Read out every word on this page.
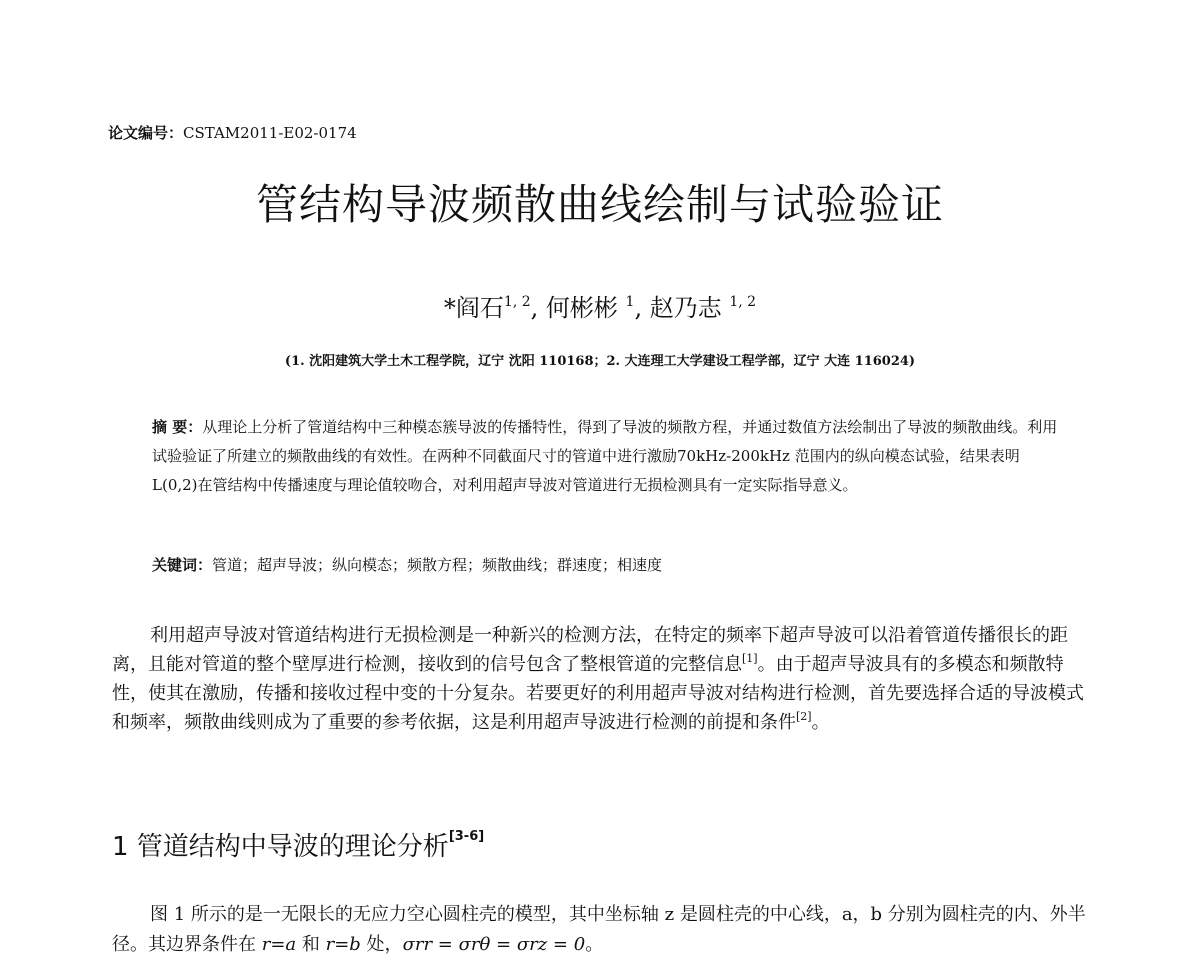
论文编号：CSTAM2011-E02-0174
管结构导波频散曲线绘制与试验验证
*阎石$^{1, 2}$, 何彬彬 $^1$, 赵乃志 $^{1, 2}$
(1. 沈阳建筑大学土木工程学院，辽宁 沈阳 110168；2. 大连理工大学建设工程学部，辽宁 大连 116024)
摘 要：从理论上分析了管道结构中三种模态簇导波的传播特性，得到了导波的频散方程，并通过数值方法绘制出了导波的频散曲线。利用试验验证了所建立的频散曲线的有效性。在两种不同截面尺寸的管道中进行激励70kHz-200kHz 范围内的纵向模态试验，结果表明 L(0,2)在管结构中传播速度与理论值较吻合，对利用超声导波对管道进行无损检测具有一定实际指导意义。
关键词：管道；超声导波；纵向模态；频散方程；频散曲线；群速度；相速度
利用超声导波对管道结构进行无损检测是一种新兴的检测方法，在特定的频率下超声导波可以沿着管道传播很长的距离，且能对管道的整个壁厚进行检测，接收到的信号包含了整根管道的完整信息[1]。由于超声导波具有的多模态和频散特性，使其在激励，传播和接收过程中变的十分复杂。若要更好的利用超声导波对结构进行检测，首先要选择合适的导波模式和频率，频散曲线则成为了重要的参考依据，这是利用超声导波进行检测的前提和条件[2]。
1 管道结构中导波的理论分析[3-6]
图 1 所示的是一无限长的无应力空心圆柱壳的模型，其中坐标轴 z 是圆柱壳的中心线，a，b 分别为圆柱壳的内、外半径。其边界条件在 r=a 和 r=b 处，σrr = σrθ = σrz = 0。
